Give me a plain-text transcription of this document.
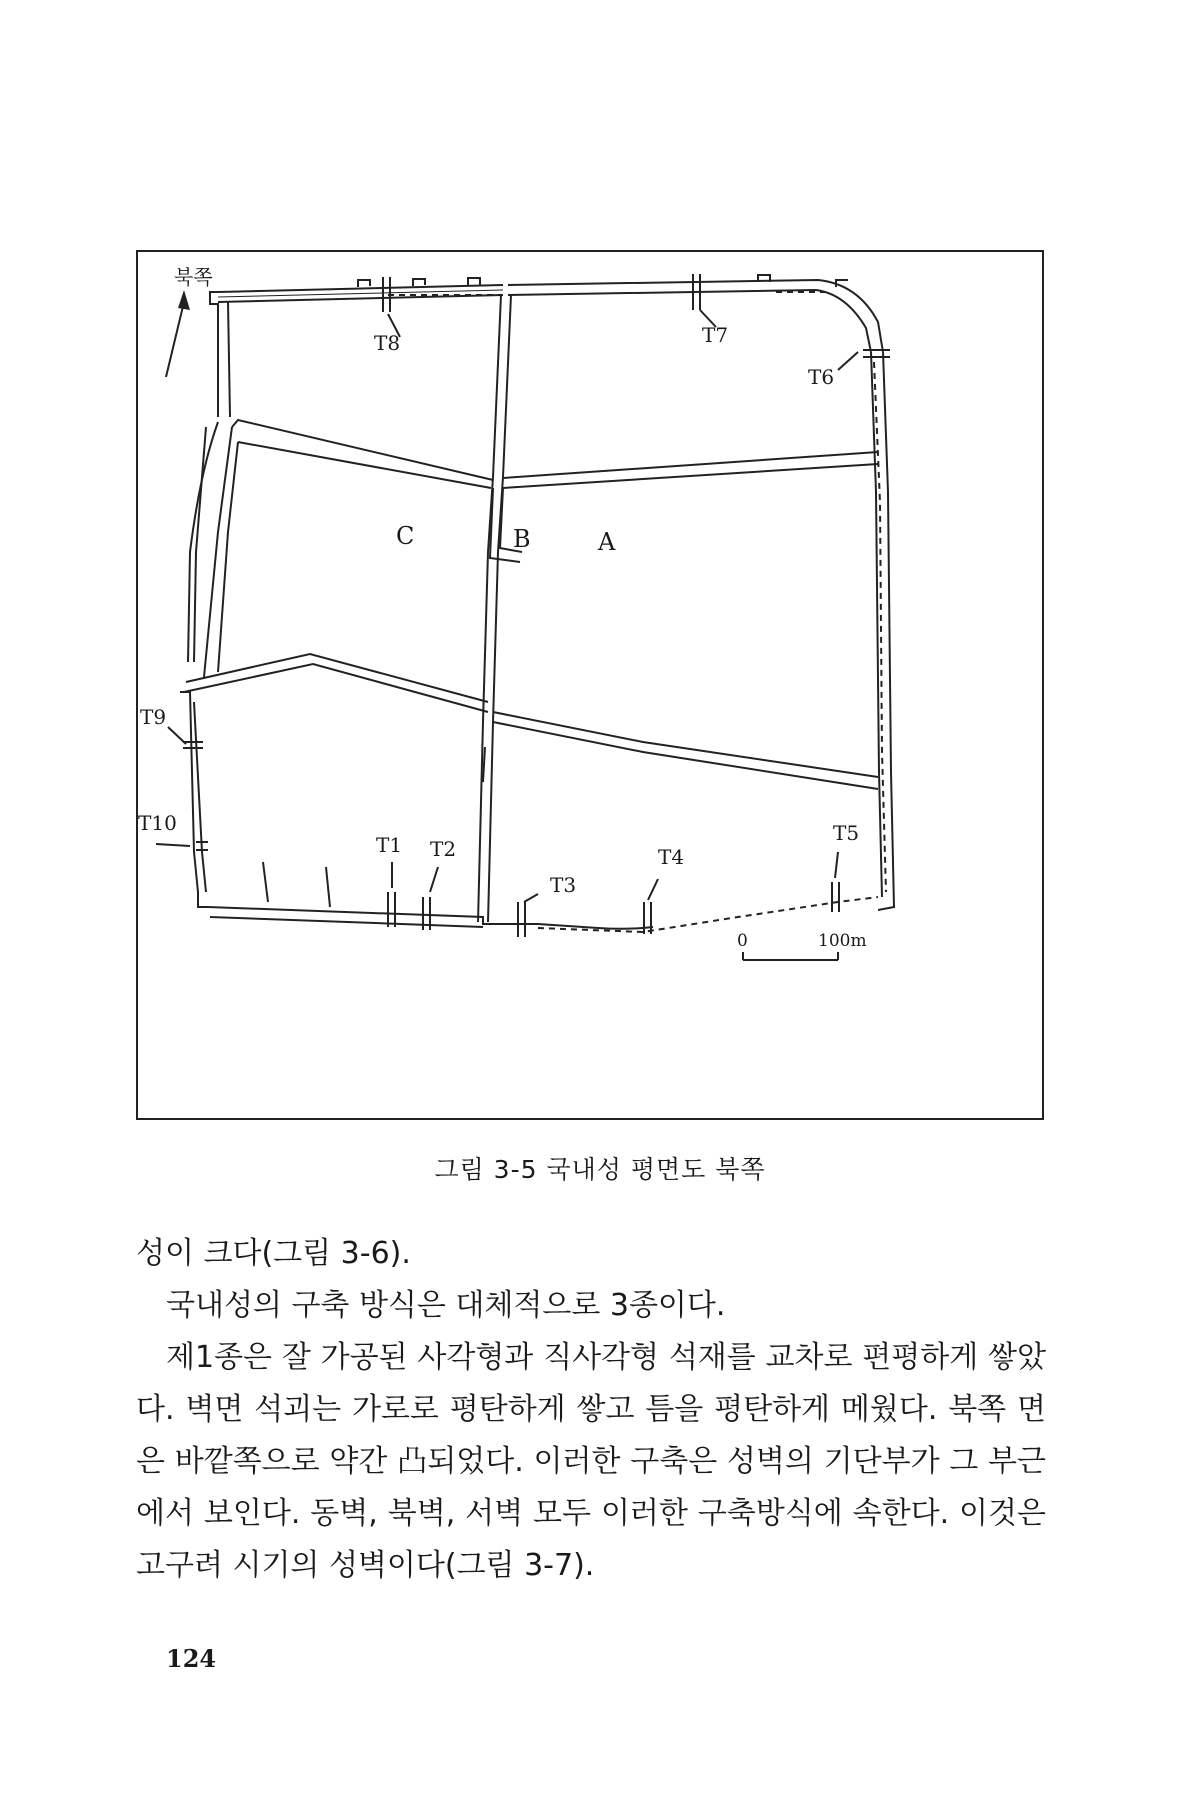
북쪽
C	B	A
T8	T7
T6
T9
T10
T1 T2
T3
T4
T5
0	100m
그림 3-5 국내성 평면도 북쪽

성이 크다(그림 3-6).

국내성의 구축 방식은 대체적으로 3종이다.

제1종은 잘 가공된 사각형과 직사각형 석재를 교차로 편평하게 쌓았

다. 벽면 석괴는 가로로 평탄하게 쌓고 틈을 평탄하게 메웠다. 북쪽 면

은 바깥쪽으로 약간 凸되었다. 이러한 구축은 성벽의 기단부가 그 부근

에서 보인다. 동벽, 북벽, 서벽 모두 이러한 구축방식에 속한다. 이것은

고구려 시기의 성벽이다(그림 3-7).

124
